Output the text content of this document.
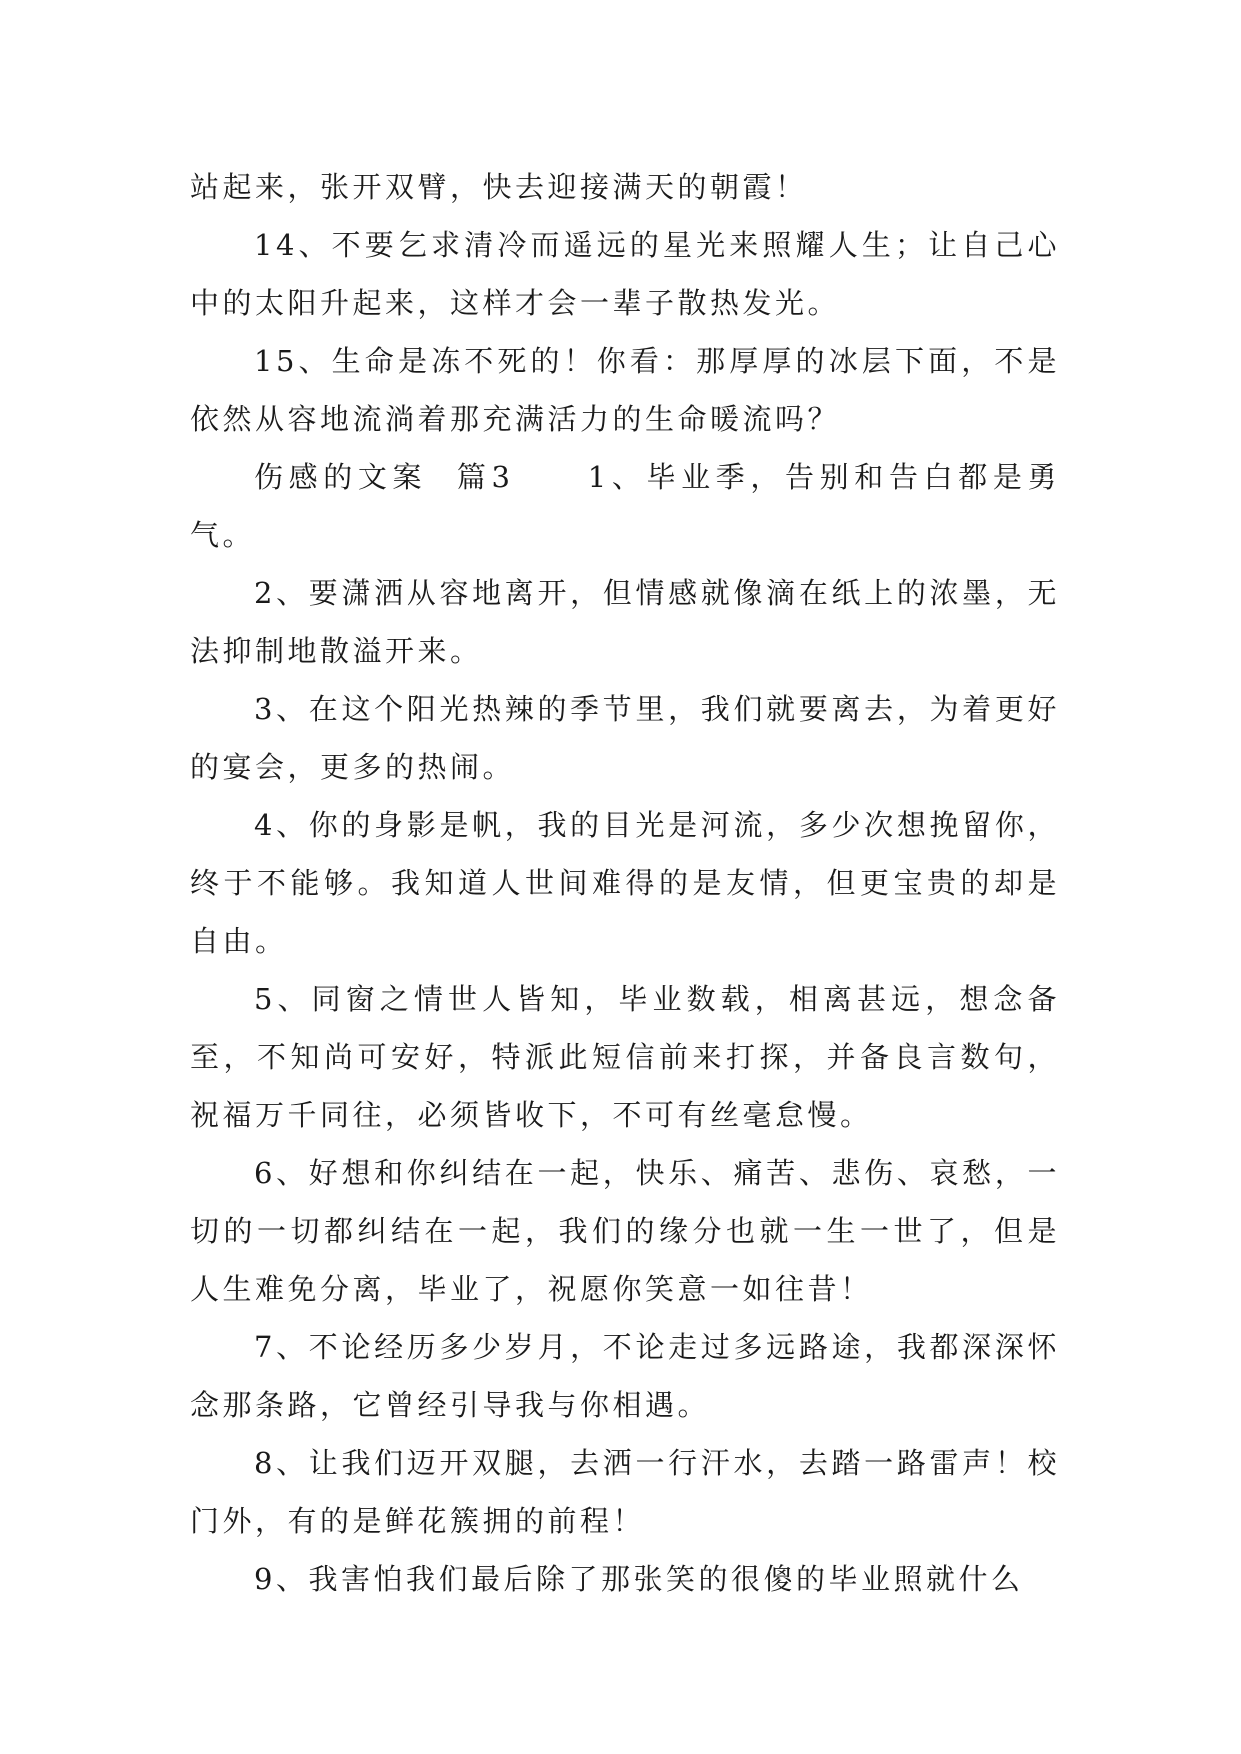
站起来，张开双臂，快去迎接满天的朝霞！

14、不要乞求清冷而遥远的星光来照耀人生；让自己心中的太阳升起来，这样才会一辈子散热发光。

15、生命是冻不死的！你看：那厚厚的冰层下面，不是依然从容地流淌着那充满活力的生命暖流吗？

伤感的文案  篇3     1、毕业季，告别和告白都是勇气。

2、要潇洒从容地离开，但情感就像滴在纸上的浓墨，无法抑制地散溢开来。

3、在这个阳光热辣的季节里，我们就要离去，为着更好的宴会，更多的热闹。

4、你的身影是帆，我的目光是河流，多少次想挽留你，终于不能够。我知道人世间难得的是友情，但更宝贵的却是自由。

5、同窗之情世人皆知，毕业数载，相离甚远，想念备至，不知尚可安好，特派此短信前来打探，并备良言数句，祝福万千同往，必须皆收下，不可有丝毫怠慢。

6、好想和你纠结在一起，快乐、痛苦、悲伤、哀愁，一切的一切都纠结在一起，我们的缘分也就一生一世了，但是人生难免分离，毕业了，祝愿你笑意一如往昔！

7、不论经历多少岁月，不论走过多远路途，我都深深怀念那条路，它曾经引导我与你相遇。

8、让我们迈开双腿，去洒一行汗水，去踏一路雷声！校门外，有的是鲜花簇拥的前程！

9、我害怕我们最后除了那张笑的很傻的毕业照就什么
